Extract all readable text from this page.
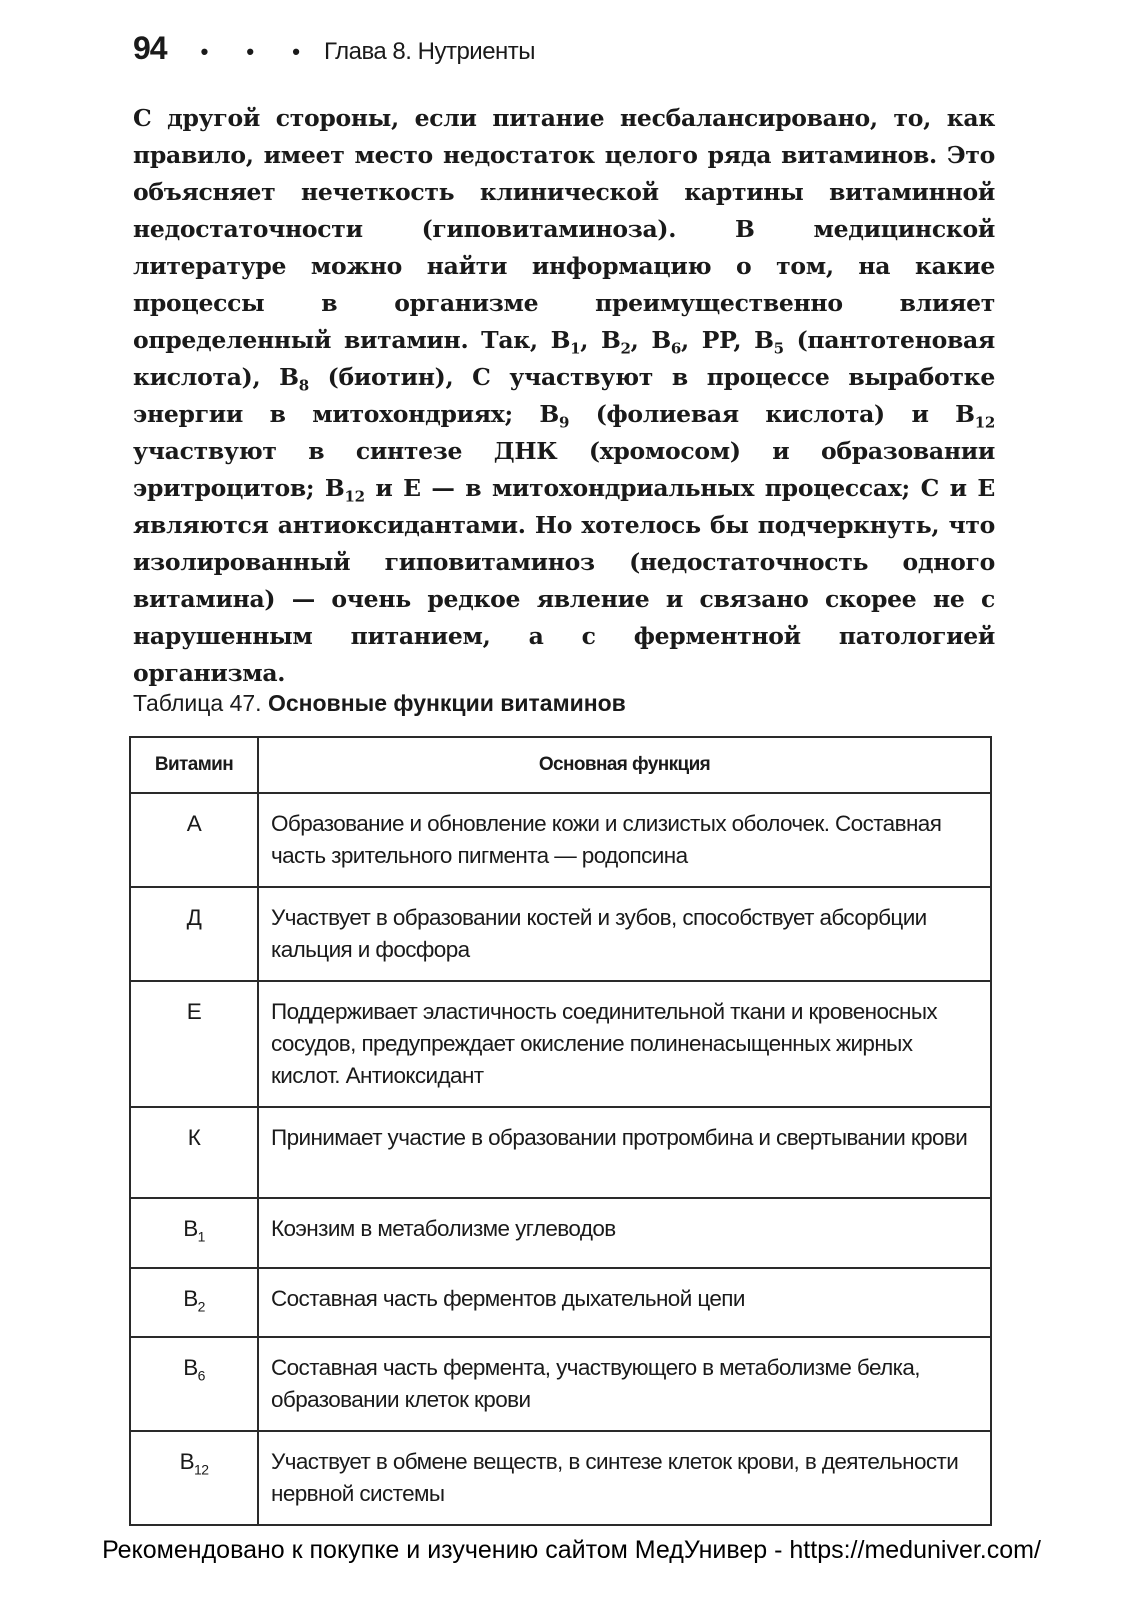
94 • • • Глава 8. Нутриенты
С другой стороны, если питание несбалансировано, то, как правило, имеет место недостаток целого ряда витаминов. Это объясняет нечеткость клинической картины витаминной недостаточности (гиповитаминоза). В медицинской литературе можно найти информацию о том, на какие процессы в организме преимущественно влияет определенный витамин. Так, $B_1$, $B_2$, $B_6$, PP, $B_5$ (пантотеновая кислота), $B_8$ (биотин), С участвуют в процессе выработке энергии в митохондриях; $B_9$ (фолиевая кислота) и $B_{12}$ участвуют в синтезе ДНК (хромосом) и образовании эритроцитов; $B_{12}$ и E — в митохондриальных процессах; С и Е являются антиоксидантами. Но хотелось бы подчеркнуть, что изолированный гиповитаминоз (недостаточность одного витамина) — очень редкое явление и связано скорее не с нарушенным питанием, а с ферментной патологией организма.
Таблица 47. Основные функции витаминов
Витамин	Основная функция
А	Образование и обновление кожи и слизистых оболочек. Составная часть зрительного пигмента — родопсина
Д	Участвует в образовании костей и зубов, способствует абсорбции кальция и фосфора
Е	Поддерживает эластичность соединительной ткани и кровеносных сосудов, предупреждает окисление полиненасыщенных жирных кислот. Антиоксидант
К	Принимает участие в образовании протромбина и свертывании крови
$B_1$	Коэнзим в метаболизме углеводов
$B_2$	Составная часть ферментов дыхательной цепи
$B_6$	Составная часть фермента, участвующего в метаболизме белка, образовании клеток крови
$B_{12}$	Участвует в обмене веществ, в синтезе клеток крови, в деятельности нервной системы
Рекомендовано к покупке и изучению сайтом МедУнивер - https://meduniver.com/
